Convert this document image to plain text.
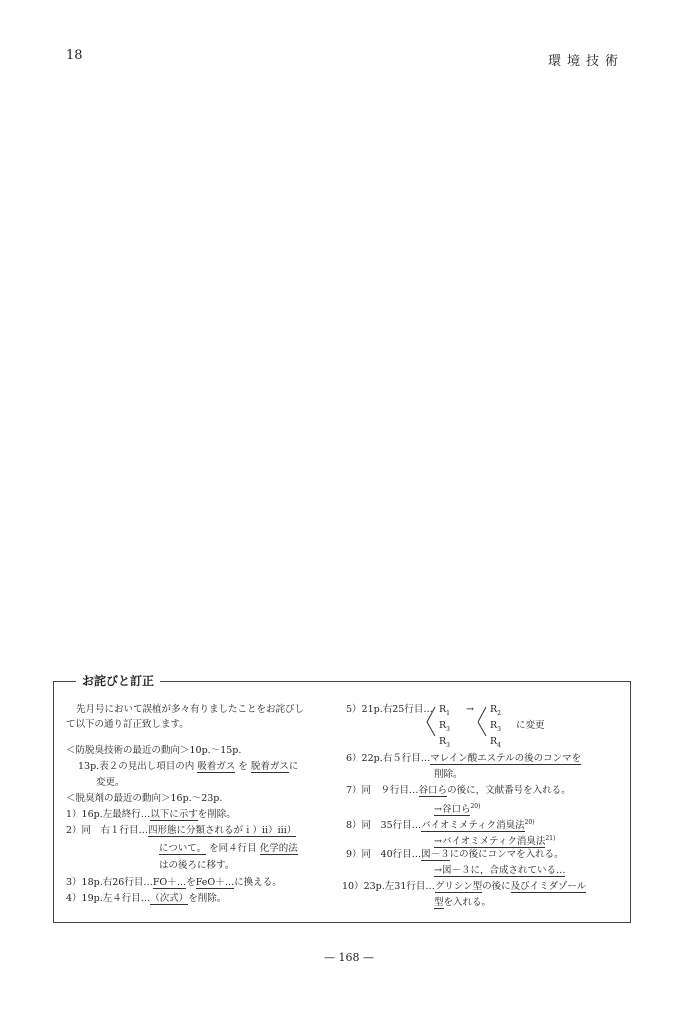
18	環境技術
お詫びと訂正
先月号において誤植が多々有りましたことをお詫びし
て以下の通り訂正致します。
＜防脱臭技術の最近の動向＞10p.〜15p.
13p.表２の見出し項目の内 吸着ガス を 脱着ガスに
変更。
＜脱臭剤の最近の動向＞16p.〜23p.
1）16p.左最終行…以下に示すを削除。
2）同　右１行目…四形態に分類されるがｉ）ⅱ）ⅲ）
について。 を同４行目 化学的法
はの後ろに移す。
3）18p.右26行目…FO＋…をFeO＋…に換える。
4）19p.左４行目…（次式）を削除。
5）21p.右25行目… $R_1 \to R_2$
$R_3$	$R_3$ に変更
$R_3$	$R_4$
6）22p.右５行目…マレイン酸エステルの後のコンマを
削除。
7）同　９行目…谷口らの後に，文献番号を入れる。
→谷口ら$^{20)}$
8）同　35行目…バイオミメティク消臭法$^{20)}$
→バイオミメティク消臭法$^{21)}$
9）同　40行目…図－３にの後にコンマを入れる。
→図－３に，合成されている…
10）23p.左31行目…グリシン型の後に及びイミダゾール
型を入れる。
— 168 —
